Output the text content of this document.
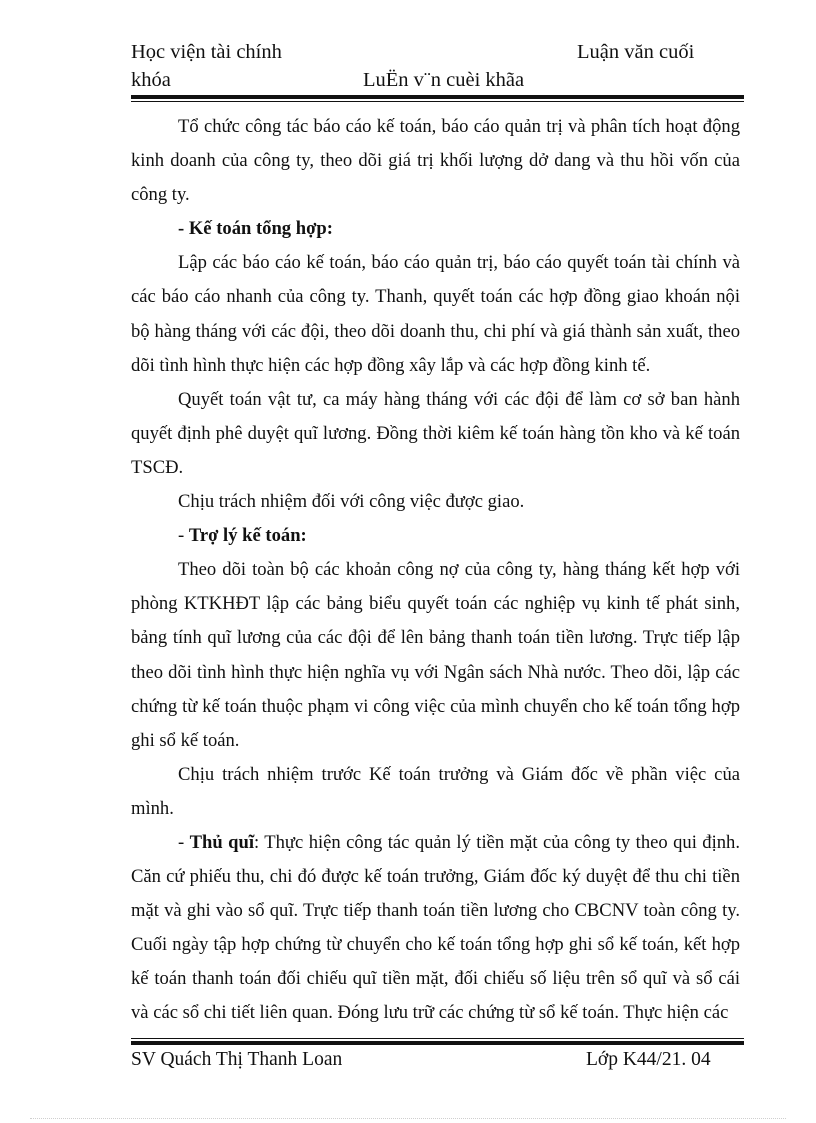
Học viện tài chính	Luận văn cuối
khóa	LuËn v¨n cuèi khãa

Tổ chức công tác báo cáo kế toán, báo cáo quản trị và phân tích hoạt động kinh doanh của công ty, theo dõi giá trị khối lượng dở dang và thu hồi vốn của công ty.

- Kế toán tổng hợp:

Lập các báo cáo kế toán, báo cáo quản trị, báo cáo quyết toán tài chính và các báo cáo nhanh của công ty. Thanh, quyết toán các hợp đồng giao khoán nội bộ hàng tháng với các đội, theo dõi doanh thu, chi phí và giá thành sản xuất, theo dõi tình hình thực hiện các hợp đồng xây lắp và các hợp đồng kinh tế.

Quyết toán vật tư, ca máy hàng tháng với các đội để làm cơ sở ban hành quyết định phê duyệt quĩ lương. Đồng thời kiêm kế toán hàng tồn kho và kế toán TSCĐ.

Chịu trách nhiệm đối với công việc được giao.

- Trợ lý kế toán:

Theo dõi toàn bộ các khoản công nợ của công ty, hàng tháng kết hợp với phòng KTKHĐT lập các bảng biểu quyết toán các nghiệp vụ kinh tế phát sinh, bảng tính quĩ lương của các đội để lên bảng thanh toán tiền lương. Trực tiếp lập theo dõi tình hình thực hiện nghĩa vụ với Ngân sách Nhà nước. Theo dõi, lập các chứng từ kế toán thuộc phạm vi công việc của mình chuyển cho kế toán tổng hợp ghi sổ kế toán.

Chịu trách nhiệm trước Kế toán trưởng và Giám đốc về phần việc của mình.

- Thủ quĩ: Thực hiện công tác quản lý tiền mặt của công ty theo qui định. Căn cứ phiếu thu, chi đó được kế toán trưởng, Giám đốc ký duyệt để thu chi tiền mặt và ghi vào sổ quĩ. Trực tiếp thanh toán tiền lương cho CBCNV toàn công ty. Cuối ngày tập hợp chứng từ chuyển cho kế toán tổng hợp ghi sổ kế toán, kết hợp kế toán thanh toán đối chiếu quĩ tiền mặt, đối chiếu số liệu trên sổ quĩ và sổ cái và các sổ chi tiết liên quan. Đóng lưu trữ các chứng từ sổ kế toán. Thực hiện các

SV Quách Thị Thanh Loan	Lớp K44/21. 04
